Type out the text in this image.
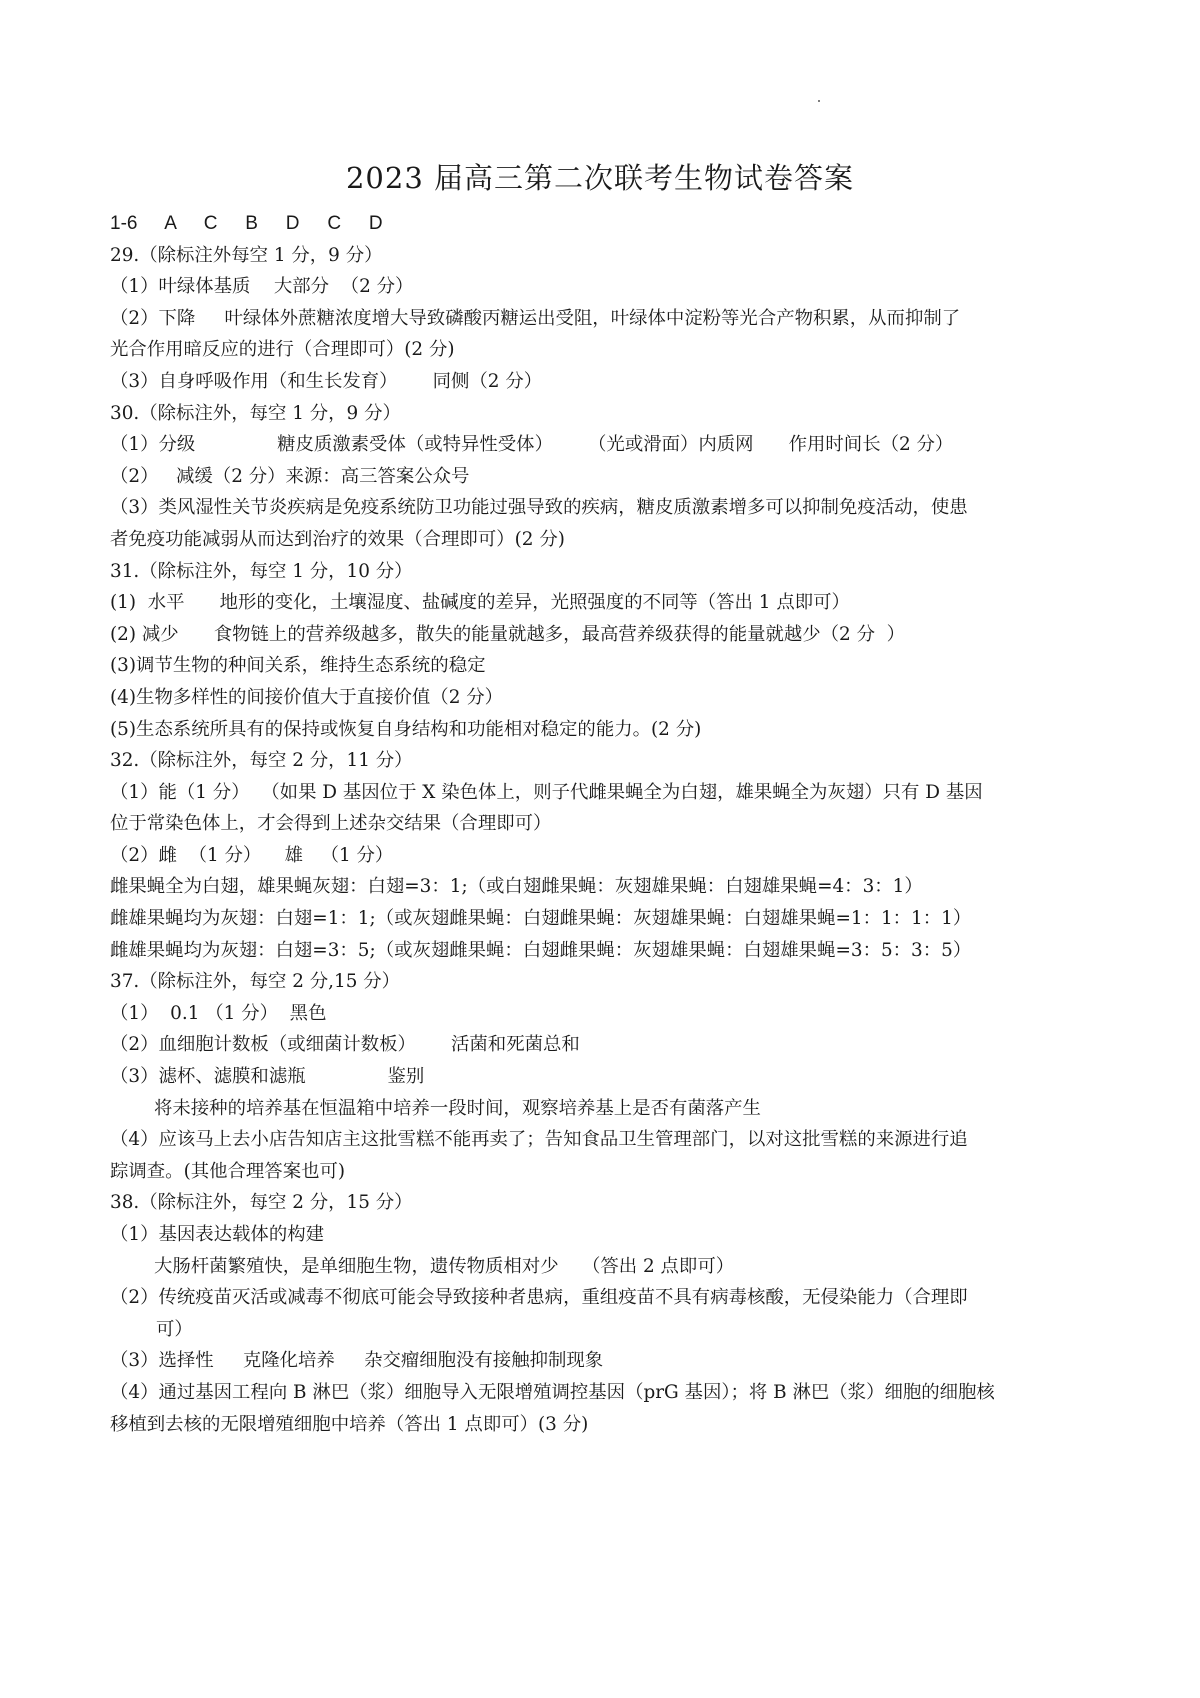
2023 届高三第二次联考生物试卷答案
1-6   A   C   B   D   C   D
29.（除标注外每空 1 分，9 分）
（1）叶绿体基质    大部分  （2 分）
（2）下降     叶绿体外蔗糖浓度增大导致磷酸丙糖运出受阻，叶绿体中淀粉等光合产物积累，从而抑制了
光合作用暗反应的进行（合理即可）(2 分)
（3）自身呼吸作用（和生长发育）      同侧（2 分）
30.（除标注外，每空 1 分，9 分）
（1）分级              糖皮质激素受体（或特异性受体）      （光或滑面）内质网      作用时间长（2 分）
（2）   减缓（2 分）来源：高三答案公众号
（3）类风湿性关节炎疾病是免疫系统防卫功能过强导致的疾病，糖皮质激素增多可以抑制免疫活动，使患
者免疫功能减弱从而达到治疗的效果（合理即可）(2 分)
31.（除标注外，每空 1 分，10 分）
(1)  水平      地形的变化，土壤湿度、盐碱度的差异，光照强度的不同等（答出 1 点即可）
(2) 减少      食物链上的营养级越多，散失的能量就越多，最高营养级获得的能量就越少（2 分  ）
(3)调节生物的种间关系，维持生态系统的稳定
(4)生物多样性的间接价值大于直接价值（2 分）
(5)生态系统所具有的保持或恢复自身结构和功能相对稳定的能力。(2 分)
32.（除标注外，每空 2 分，11 分）
（1）能（1 分）  （如果 D 基因位于 X 染色体上，则子代雌果蝇全为白翅，雄果蝇全为灰翅）只有 D 基因
位于常染色体上，才会得到上述杂交结果（合理即可）
（2）雌  （1 分）    雄   （1 分）
雌果蝇全为白翅，雄果蝇灰翅：白翅=3：1;（或白翅雌果蝇：灰翅雄果蝇：白翅雄果蝇=4：3：1）
雌雄果蝇均为灰翅：白翅=1：1;（或灰翅雌果蝇：白翅雌果蝇：灰翅雄果蝇：白翅雄果蝇=1：1：1：1）
雌雄果蝇均为灰翅：白翅=3：5;（或灰翅雌果蝇：白翅雌果蝇：灰翅雄果蝇：白翅雄果蝇=3：5：3：5）
37.（除标注外，每空 2 分,15 分）
（1）  0.1 （1 分）  黑色
（2）血细胞计数板（或细菌计数板）      活菌和死菌总和
（3）滤杯、滤膜和滤瓶              鉴别
将未接种的培养基在恒温箱中培养一段时间，观察培养基上是否有菌落产生
（4）应该马上去小店告知店主这批雪糕不能再卖了；告知食品卫生管理部门，以对这批雪糕的来源进行追
踪调查。(其他合理答案也可)
38.（除标注外，每空 2 分，15 分）
（1）基因表达载体的构建
大肠杆菌繁殖快，是单细胞生物，遗传物质相对少    （答出 2 点即可）
（2）传统疫苗灭活或减毒不彻底可能会导致接种者患病，重组疫苗不具有病毒核酸，无侵染能力（合理即
可）
（3）选择性     克隆化培养     杂交瘤细胞没有接触抑制现象
（4）通过基因工程向 B 淋巴（浆）细胞导入无限增殖调控基因（prG 基因）；将 B 淋巴（浆）细胞的细胞核
移植到去核的无限增殖细胞中培养（答出 1 点即可）(3 分)
